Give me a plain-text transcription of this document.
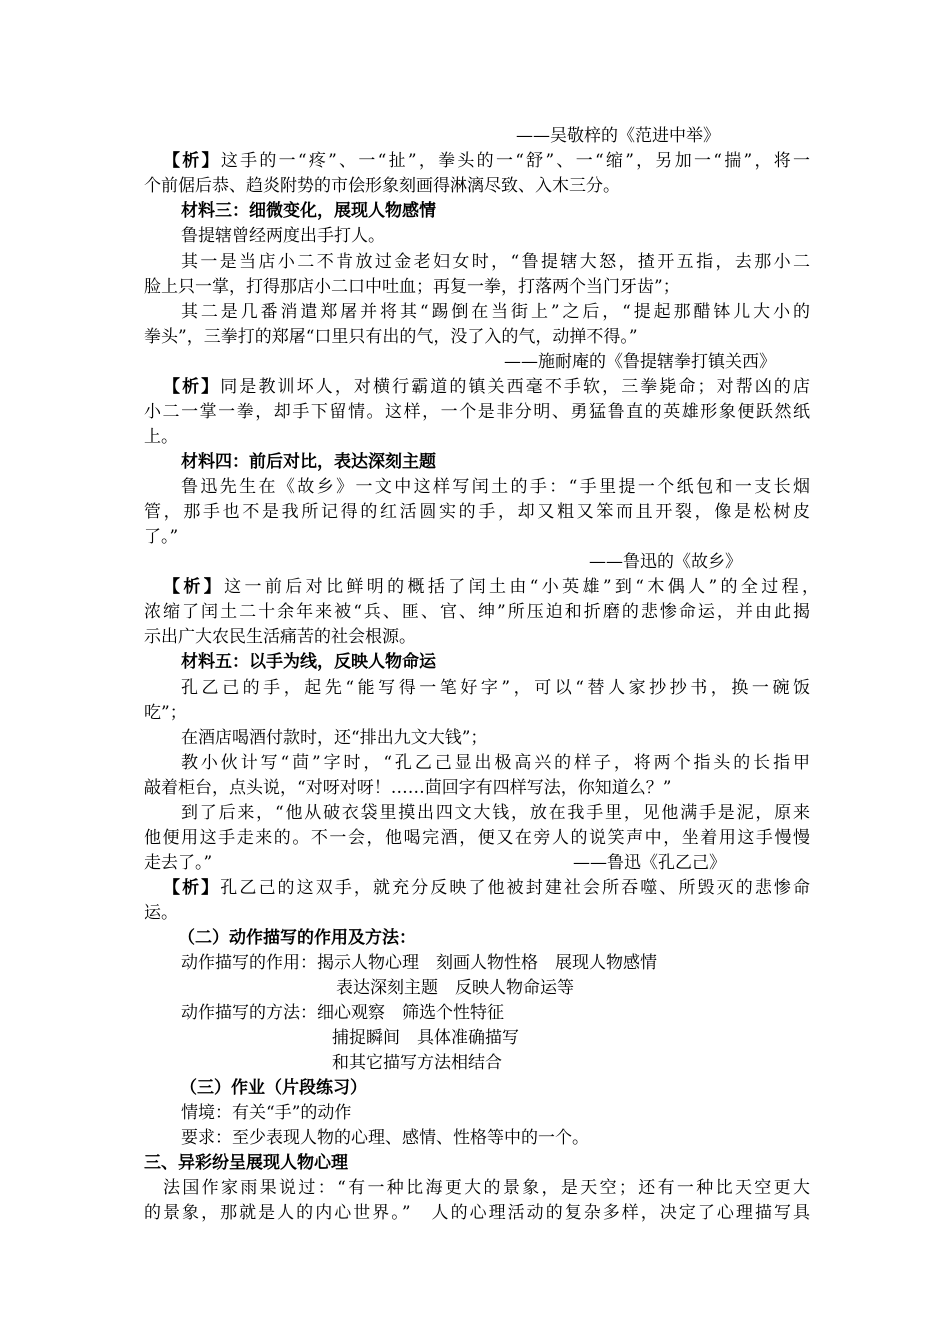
——吴敬梓的《范进中举》
【析】这手的一“疼”、一“扯”，拳头的一“舒”、一“缩”，另加一“揣”，将一
个前倨后恭、趋炎附势的市侩形象刻画得淋漓尽致、入木三分。
材料三：细微变化，展现人物感情
鲁提辖曾经两度出手打人。
其一是当店小二不肯放过金老妇女时，“鲁提辖大怒，揸开五指，去那小二
脸上只一掌，打得那店小二口中吐血；再复一拳，打落两个当门牙齿”；
其二是几番消遣郑屠并将其“踢倒在当街上”之后，“提起那醋钵儿大小的
拳头”，三拳打的郑屠“口里只有出的气，没了入的气，动掸不得。”
——施耐庵的《鲁提辖拳打镇关西》
【析】同是教训坏人，对横行霸道的镇关西毫不手软，三拳毙命；对帮凶的店
小二一掌一拳，却手下留情。这样，一个是非分明、勇猛鲁直的英雄形象便跃然纸
上。
材料四：前后对比，表达深刻主题
鲁迅先生在《故乡》一文中这样写闰土的手：“手里提一个纸包和一支长烟
管，那手也不是我所记得的红活圆实的手，却又粗又笨而且开裂，像是松树皮
了。”
——鲁迅的《故乡》
【析】这一前后对比鲜明的概括了闰土由“小英雄”到“木偶人”的全过程，
浓缩了闰土二十余年来被“兵、匪、官、绅”所压迫和折磨的悲惨命运，并由此揭
示出广大农民生活痛苦的社会根源。
材料五：以手为线，反映人物命运
孔乙己的手，起先“能写得一笔好字”，可以“替人家抄抄书，换一碗饭
吃”；
在酒店喝酒付款时，还“排出九文大钱”；
教小伙计写“茴”字时，“孔乙己显出极高兴的样子，将两个指头的长指甲
敲着柜台，点头说，“对呀对呀！……茴回字有四样写法，你知道么？”
到了后来，“他从破衣袋里摸出四文大钱，放在我手里，见他满手是泥，原来
他便用这手走来的。不一会，他喝完酒，便又在旁人的说笑声中，坐着用这手慢慢
走去了。”	——鲁迅《孔乙己》
【析】孔乙己的这双手，就充分反映了他被封建社会所吞噬、所毁灭的悲惨命
运。
（二）动作描写的作用及方法：
动作描写的作用：揭示人物心理　刻画人物性格　展现人物感情
表达深刻主题　反映人物命运等
动作描写的方法：细心观察　筛选个性特征
捕捉瞬间　具体准确描写
和其它描写方法相结合
（三）作业（片段练习）
情境：有关“手”的动作
要求：至少表现人物的心理、感情、性格等中的一个。
三、异彩纷呈展现人物心理
法国作家雨果说过：“有一种比海更大的景象，是天空；还有一种比天空更大
的景象，那就是人的内心世界。”　人的心理活动的复杂多样，决定了心理描写具
